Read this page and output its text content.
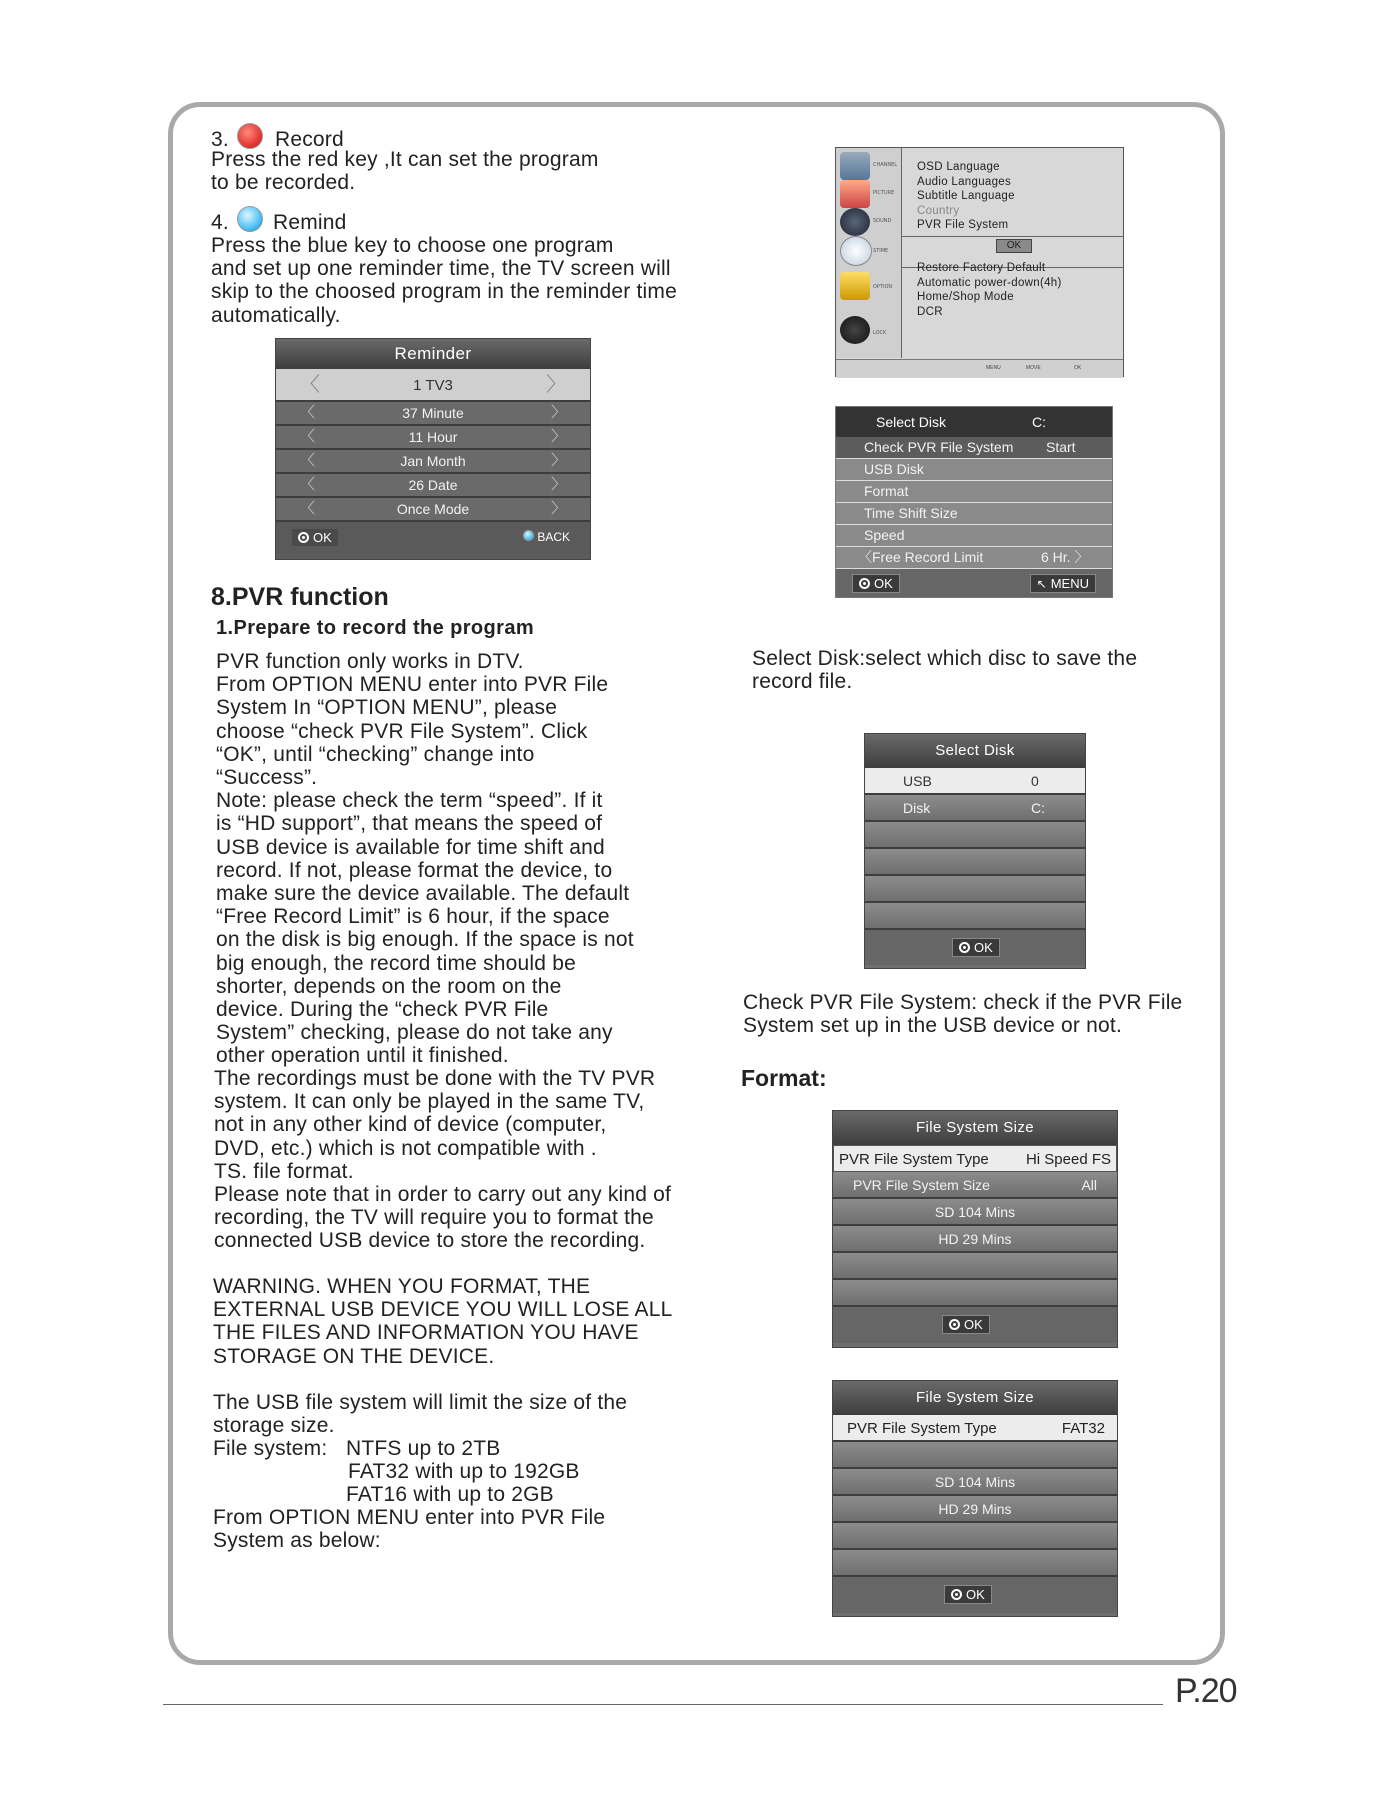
3. Record
Press the red key ,It can set the program
to be recorded.
4. Remind
Press the blue key to choose one program
and set up one reminder time, the TV screen will
skip to the choosed program in the reminder time
automatically.
Reminder
〈	1 TV3	〉
〈	37 Minute	〉
〈	11 Hour	〉
〈	Jan Month	〉
〈	26 Date	〉
〈	Once Mode	〉
OK	BACK
8.PVR function
1.Prepare to record the program
PVR function only works in DTV.
From OPTION MENU enter into PVR File
System In “OPTION MENU”, please
choose “check PVR File System”. Click
“OK”, until “checking” change into
“Success”.
Note: please check the term “speed”. If it
is “HD support”, that means the speed of
USB device is available for time shift and
record. If not, please format the device, to
make sure the device available. The default
“Free Record Limit” is 6 hour, if the space
on the disk is big enough. If the space is not
big enough, the record time should be
shorter, depends on the room on the
device. During the “check PVR File
System” checking, please do not take any
other operation until it finished.
The recordings must be done with the TV PVR
system. It can only be played in the same TV,
not in any other kind of device (computer,
DVD, etc.) which is not compatible with .
TS. file format.
Please note that in order to carry out any kind of
recording, the TV will require you to format the
connected USB device to store the recording.
WARNING. WHEN YOU FORMAT, THE
EXTERNAL USB DEVICE YOU WILL LOSE ALL
THE FILES AND INFORMATION YOU HAVE
STORAGE ON THE DEVICE.
The USB file system will limit the size of the
storage size.
File system: NTFS up to 2TB
FAT32 with up to 192GB
FAT16 with up to 2GB
From OPTION MENU enter into PVR File
System as below:
CHANNEL
PICTURE
SOUND
STIME
OPTION
LOCK
OSD Language
Audio Languages
Subtitle Language
Country
PVR File System
OK
Restore Factory Default
Automatic power-down(4h)
Home/Shop Mode
DCR
MENU	MOVE	OK
Select Disk	C:
Check PVR File System Start
USB Disk
Format
Time Shift Size
Speed
〈Free Record Limit	6 Hr. 〉
OK	↖ MENU
Select Disk:select which disc to save the
record file.
Select Disk
USB	0
Disk	C:
OK
Check PVR File System: check if the PVR File
System set up in the USB device or not.
Format:
File System Size
PVR File System Type Hi Speed FS
PVR File System Size	All
SD 104 Mins
HD 29 Mins
OK
File System Size
PVR File System Type	FAT32
SD 104 Mins
HD 29 Mins
OK
P.20
